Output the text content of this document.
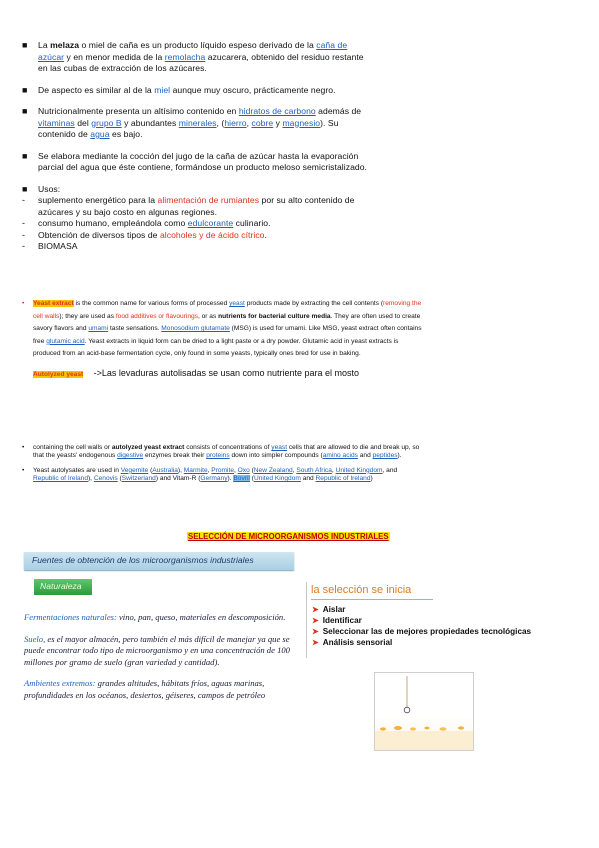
■ La melaza o miel de caña es un producto líquido espeso derivado de la caña de azúcar y en menor medida de la remolacha azucarera, obtenido del residuo restante en las cubas de extracción de los azúcares.
■ De aspecto es similar al de la miel aunque muy oscuro, prácticamente negro.
■ Nutricionalmente presenta un altísimo contenido en hidratos de carbono además de vitaminas del grupo B y abundantes minerales, (hierro, cobre y magnesio). Su contenido de agua es bajo.
■ Se elabora mediante la cocción del jugo de la caña de azúcar hasta la evaporación parcial del agua que éste contiene, formándose un producto meloso semicristalizado.
■ Usos:
- suplemento energético para la alimentación de rumiantes por su alto contenido de azúcares y su bajo costo en algunas regiones.
- consumo humano, empleándola como edulcorante culinario.
- Obtención de diversos tipos de alcoholes y de ácido cítrico.
- BIOMASA
• Yeast extract is the common name for various forms of processed yeast products made by extracting the cell contents (removing the cell walls); they are used as food additives or flavourings, or as nutrients for bacterial culture media. They are often used to create savory flavors and umami taste sensations. Monosodium glutamate (MSG) is used for umami. Like MSG, yeast extract often contains free glutamic acid. Yeast extracts in liquid form can be dried to a light paste or a dry powder. Glutamic acid in yeast extracts is produced from an acid-base fermentation cycle, only found in some yeasts, typically ones bred for use in baking.
Autolyzed yeast ->Las levaduras autolisadas se usan como nutriente para el mosto
• containing the cell walls or autolyzed yeast extract consists of concentrations of yeast cells that are allowed to die and break up, so that the yeasts' endogenous digestive enzymes break their proteins down into simpler compounds (amino acids and peptides).
• Yeast autolysates are used in Vegemite (Australia), Marmite, Promite, Oxo (New Zealand, South Africa, United Kingdom, and Republic of Ireland), Cenovis (Switzerland) and Vitam-R (Germany). Bovril (United Kingdom and Republic of Ireland)
SELECCIÓN DE MICROORGANISMOS INDUSTRIALES
Fuentes de obtención de los microorganismos industriales
Naturaleza
Fermentaciones naturales: vino, pan, queso, materiales en descomposición.
Suelo, es el mayor almacén, pero también el más difícil de manejar ya que se puede encontrar todo tipo de microorganismo y en una concentración de 100 millones por gramo de suelo (gran variedad y cantidad).
Ambientes extremos: grandes altitudes, hábitats fríos, aguas marinas, profundidades en los océanos, desiertos, géiseres, campos de petróleo
la selección se inicia
➤ Aislar
➤ Identificar
➤ Seleccionar las de mejores propiedades tecnológicas
➤ Análisis sensorial
